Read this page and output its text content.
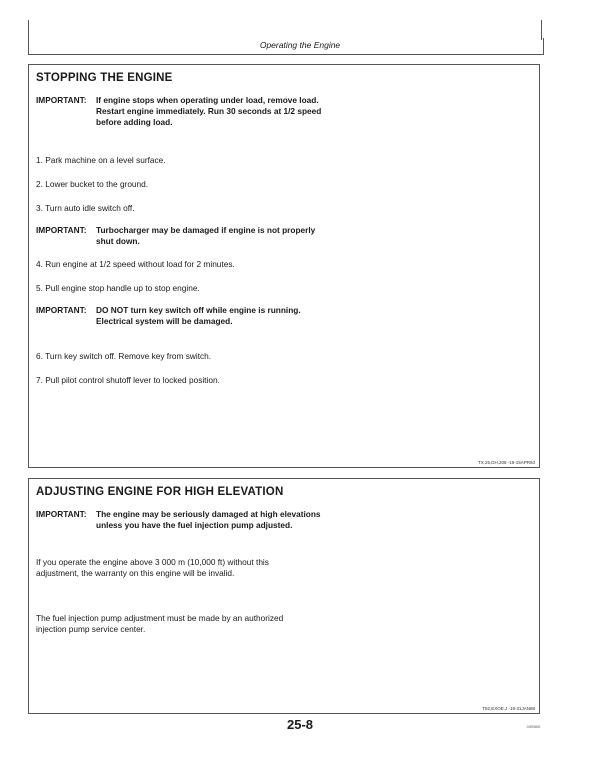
Operating the Engine
STOPPING THE ENGINE
IMPORTANT: If engine stops when operating under load, remove load. Restart engine immediately. Run 30 seconds at 1/2 speed before adding load.
1. Park machine on a level surface.
2. Lower bucket to the ground.
3. Turn auto idle switch off.
IMPORTANT: Turbocharger may be damaged if engine is not properly shut down.
4. Run engine at 1/2 speed without load for 2 minutes.
5. Pull engine stop handle up to stop engine.
IMPORTANT: DO NOT turn key switch off while engine is running. Electrical system will be damaged.
6. Turn key switch off. Remove key from switch.
7. Pull pilot control shutoff lever to locked position.
TX,25,DH,208 -19-15APR93
ADJUSTING ENGINE FOR HIGH ELEVATION
IMPORTANT: The engine may be seriously damaged at high elevations unless you have the fuel injection pump adjusted.
If you operate the engine above 3 000 m (10,000 ft) without this adjustment, the warranty on this engine will be invalid.
The fuel injection pump adjustment must be made by an authorized injection pump service center.
T82,EXOE,J -19-31JAN88
25-8	030569
